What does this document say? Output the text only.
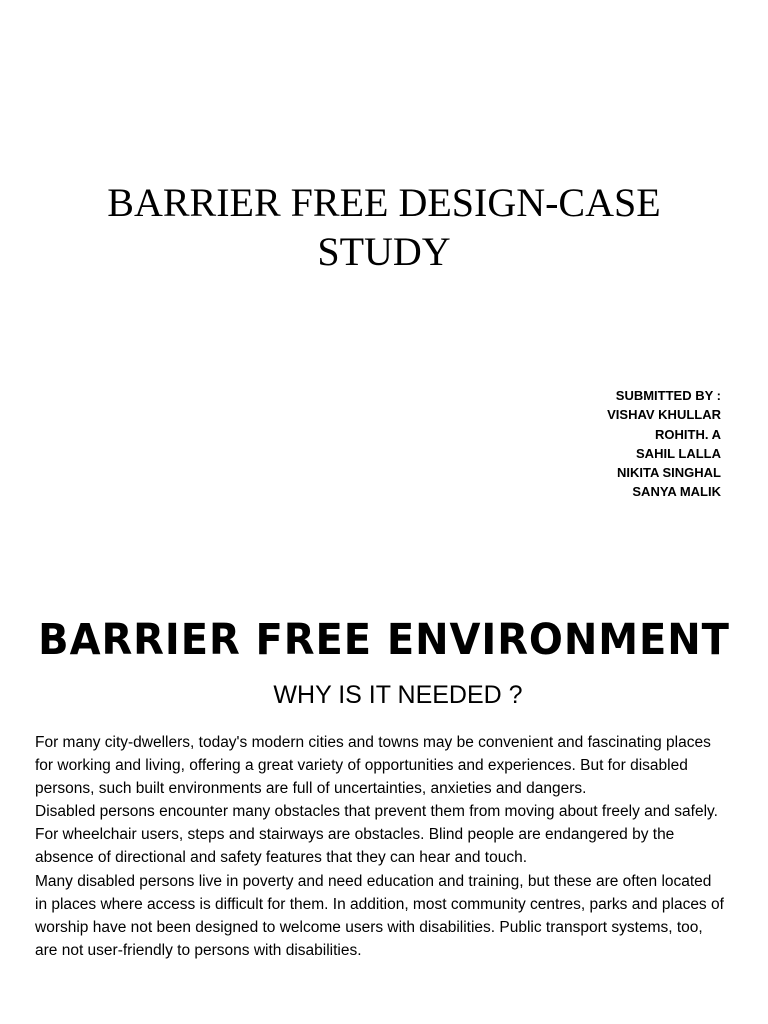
BARRIER FREE DESIGN-CASE
STUDY
SUBMITTED BY :
VISHAV KHULLAR
ROHITH. A
SAHIL LALLA
NIKITA SINGHAL
SANYA MALIK
BARRIER FREE ENVIRONMENT
WHY IS IT NEEDED ?

For many city-dwellers, today's modern cities and towns may be convenient and fascinating places for working and living, offering a great variety of opportunities and experiences. But for disabled persons, such built environments are full of uncertainties, anxieties and dangers.

Disabled persons encounter many obstacles that prevent them from moving about freely and safely. For wheelchair users, steps and stairways are obstacles. Blind people are endangered by the absence of directional and safety features that they can hear and touch.

Many disabled persons live in poverty and need education and training, but these are often located in places where access is difficult for them. In addition, most community centres, parks and places of worship have not been designed to welcome users with disabilities. Public transport systems, too, are not user-friendly to persons with disabilities.
